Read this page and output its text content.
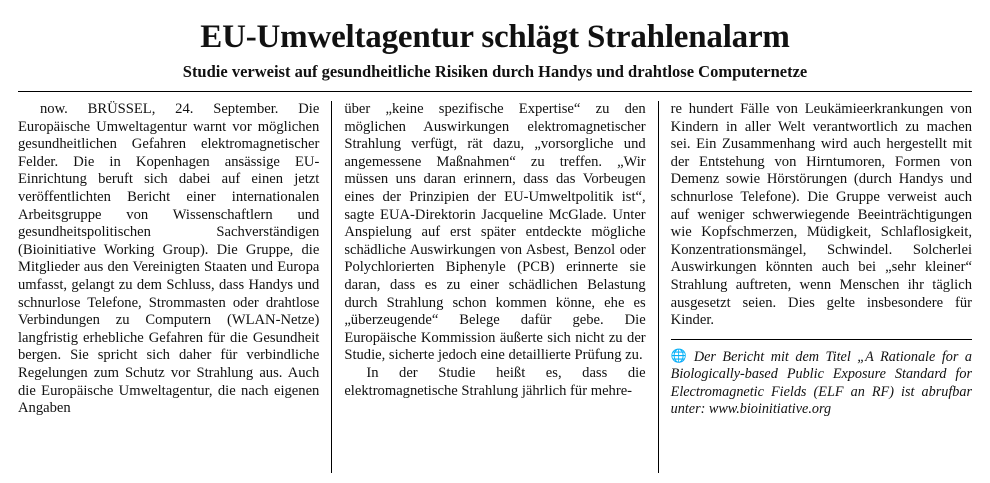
EU-Umweltagentur schlägt Strahlenalarm
Studie verweist auf gesundheitliche Risiken durch Handys und drahtlose Computernetze

now. BRÜSSEL, 24. September. Die Europäische Umweltagentur warnt vor möglichen gesundheitlichen Gefahren elektromagnetischer Felder. Die in Kopenhagen ansässige EU-Einrichtung beruft sich dabei auf einen jetzt veröffentlichten Bericht einer internationalen Arbeitsgruppe von Wissenschaftlern und gesundheitspolitischen Sachverständigen (Bioinitiative Working Group). Die Gruppe, die Mitglieder aus den Vereinigten Staaten und Europa umfasst, gelangt zu dem Schluss, dass Handys und schnurlose Telefone, Strommasten oder drahtlose Verbindungen zu Computern (WLAN-Netze) langfristig erhebliche Gefahren für die Gesundheit bergen. Sie spricht sich daher für verbindliche Regelungen zum Schutz vor Strahlung aus. Auch die Europäische Umweltagentur, die nach eigenen Angaben

über „keine spezifische Expertise“ zu den möglichen Auswirkungen elektromagnetischer Strahlung verfügt, rät dazu, „vorsorgliche und angemessene Maßnahmen“ zu treffen. „Wir müssen uns daran erinnern, dass das Vorbeugen eines der Prinzipien der EU-Umweltpolitik ist“, sagte EUA-Direktorin Jacqueline McGlade. Unter Anspielung auf erst später entdeckte mögliche schädliche Auswirkungen von Asbest, Benzol oder Polychlorierten Biphenyle (PCB) erinnerte sie daran, dass es zu einer schädlichen Belastung durch Strahlung schon kommen könne, ehe es „überzeugende“ Belege dafür gebe. Die Europäische Kommission äußerte sich nicht zu der Studie, sicherte jedoch eine detaillierte Prüfung zu.

In der Studie heißt es, dass die elektromagnetische Strahlung jährlich für mehre-

re hundert Fälle von Leukämieerkrankungen von Kindern in aller Welt verantwortlich zu machen sei. Ein Zusammenhang wird auch hergestellt mit der Entstehung von Hirntumoren, Formen von Demenz sowie Hörstörungen (durch Handys und schnurlose Telefone). Die Gruppe verweist auch auf weniger schwerwiegende Beeinträchtigungen wie Kopfschmerzen, Müdigkeit, Schlaflosigkeit, Konzentrationsmängel, Schwindel. Solcherlei Auswirkungen könnten auch bei „sehr kleiner“ Strahlung auftreten, wenn Menschen ihr täglich ausgesetzt seien. Dies gelte insbesondere für Kinder.

🌐 Der Bericht mit dem Titel „A Rationale for a Biologically-based Public Exposure Standard for Electromagnetic Fields (ELF an RF) ist abrufbar unter: www.bioinitiative.org
